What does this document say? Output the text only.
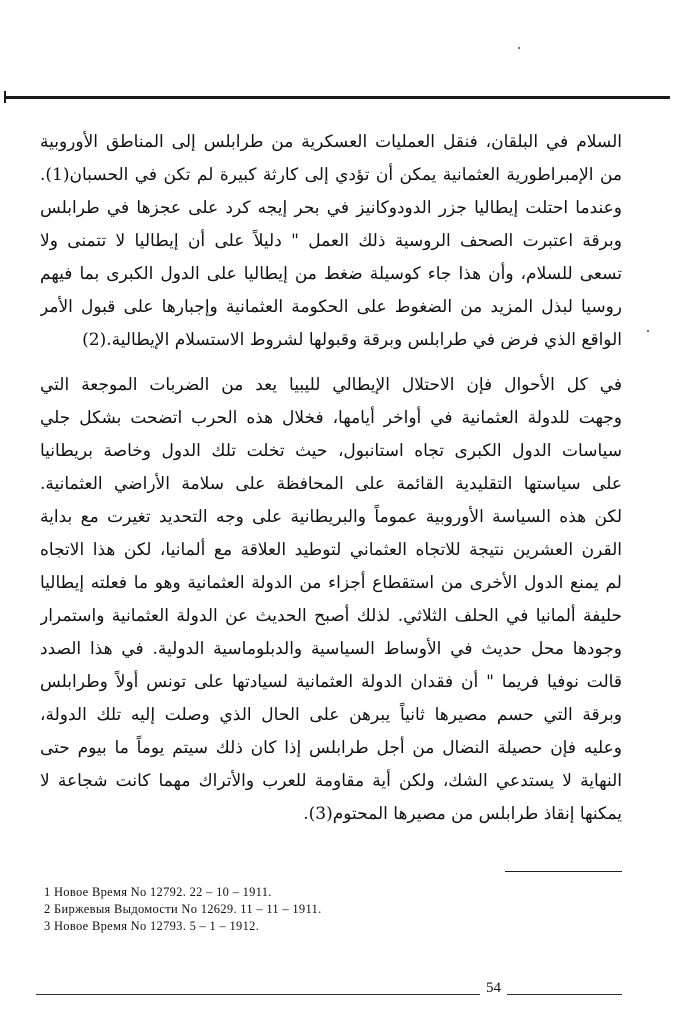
السلام في البلقان، فنقل العمليات العسكرية من طرابلس إلى المناطق الأوروبية
من الإمبراطورية العثمانية يمكن أن تؤدي إلى كارثة كبيرة لم تكن في الحسبان(1).
وعندما احتلت إيطاليا جزر الدودوكانيز في بحر إيجه كرد على عجزها في طرابلس
وبرقة اعتبرت الصحف الروسية ذلك العمل " دليلاً على أن إيطاليا لا تتمنى ولا
تسعى للسلام، وأن هذا جاء كوسيلة ضغط من إيطاليا على الدول الكبرى بما فيهم
روسيا لبذل المزيد من الضغوط على الحكومة العثمانية وإجبارها على قبول الأمر
الواقع الذي فرض في طرابلس وبرقة وقبولها لشروط الاستسلام الإيطالية.(2)
في كل الأحوال فإن الاحتلال الإيطالي لليبيا يعد من الضربات الموجعة التي
وجهت للدولة العثمانية في أواخر أيامها، فخلال هذه الحرب اتضحت بشكل جلي
سياسات الدول الكبرى تجاه استانبول، حيث تخلت تلك الدول وخاصة بريطانيا
على سياستها التقليدية القائمة على المحافظة على سلامة الأراضي العثمانية.
لكن هذه السياسة الأوروبية عموماً والبريطانية على وجه التحديد تغيرت مع بداية
القرن العشرين نتيجة للاتجاه العثماني لتوطيد العلاقة مع ألمانيا، لكن هذا الاتجاه
لم يمنع الدول الأخرى من استقطاع أجزاء من الدولة العثمانية وهو ما فعلته إيطاليا
حليفة ألمانيا في الحلف الثلاثي. لذلك أصبح الحديث عن الدولة العثمانية واستمرار
وجودها محل حديث في الأوساط السياسية والدبلوماسية الدولية. في هذا الصدد
قالت نوفيا فريما " أن فقدان الدولة العثمانية لسيادتها على تونس أولاً وطرابلس
وبرقة التي حسم مصيرها ثانياً يبرهن على الحال الذي وصلت إليه تلك الدولة،
وعليه فإن حصيلة النضال من أجل طرابلس إذا كان ذلك سيتم يوماً ما بيوم حتى
النهاية لا يستدعي الشك، ولكن أية مقاومة للعرب والأتراك مهما كانت شجاعة لا
يمكنها إنقاذ طرابلس من مصيرها المحتوم(3).
1 Новое Время No 12792. 22 – 10 – 1911.
2 Биржевыя Выдомости No 12629. 11 – 11 – 1911.
3 Новое Время No 12793. 5 – 1 – 1912.
54
